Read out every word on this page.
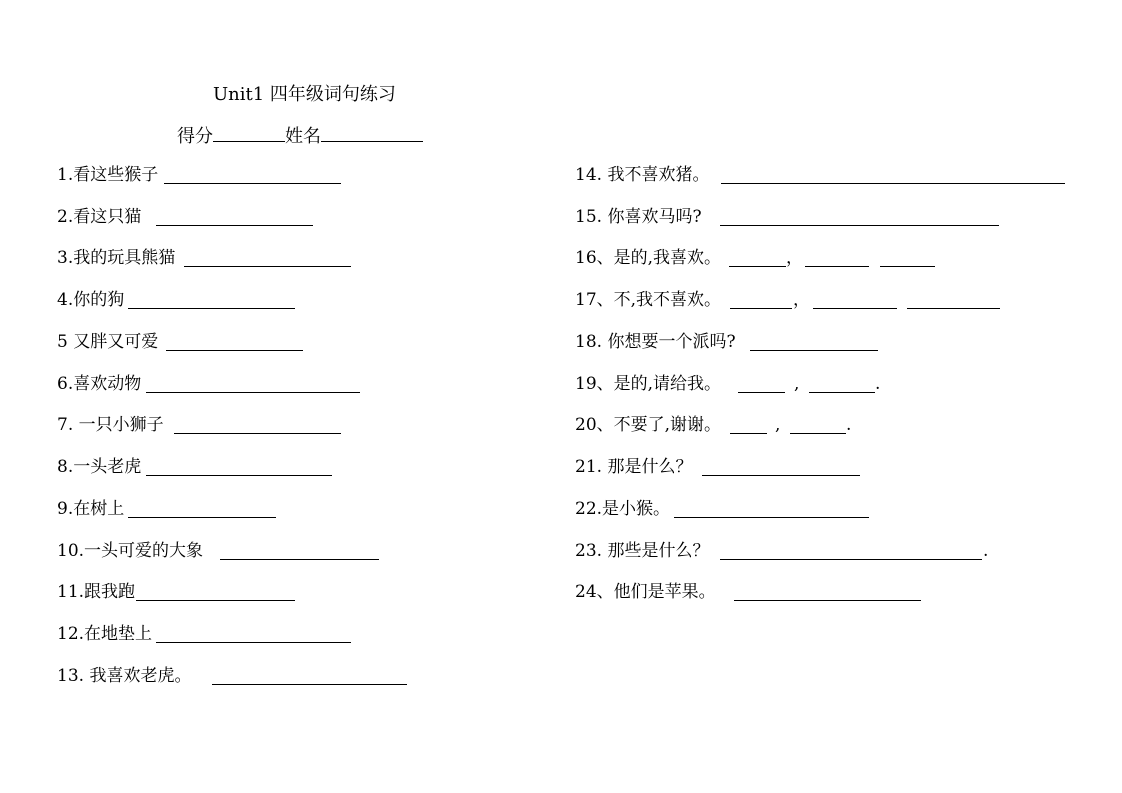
Unit1 四年级词句练习
得分	姓名
1.看这些猴子
2.看这只猫
3.我的玩具熊猫
4.你的狗
5 又胖又可爱
6.喜欢动物
7. 一只小狮子
8.一头老虎
9.在树上
10.一头可爱的大象
11.跟我跑
12.在地垫上
13. 我喜欢老虎。
14. 我不喜欢猪。
15. 你喜欢马吗?
16、是的,我喜欢。	，
17、不,我不喜欢。	，
18. 你想要一个派吗?
19、是的,请给我。	,	.
20、不要了,谢谢。	,	.
21. 那是什么？
22.是小猴。
23. 那些是什么？	.
24、他们是苹果。
